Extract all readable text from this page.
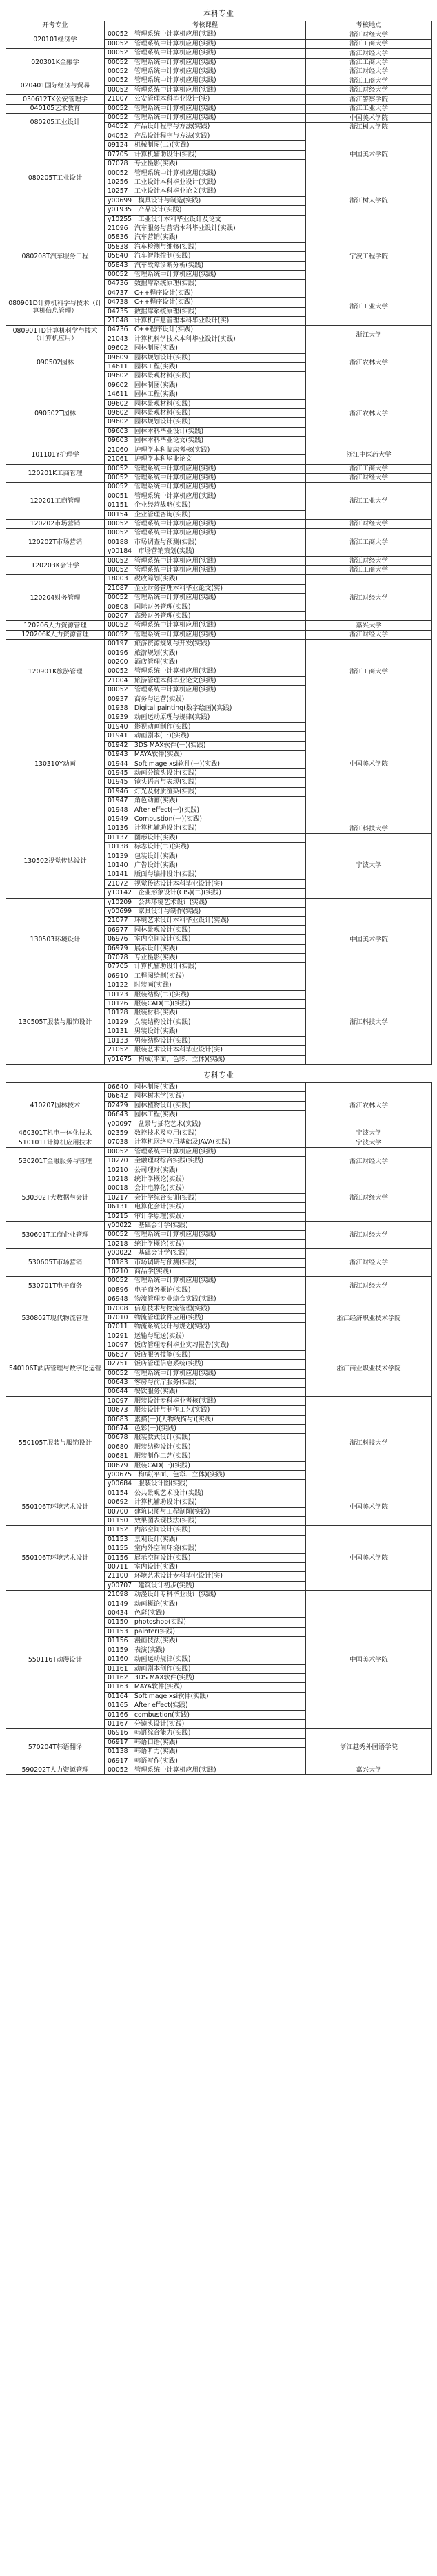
本科专业
开考专业	考核课程	考核地点
020101经济学	00052　管理系统中计算机应用(实践)	浙江财经大学
	00052　管理系统中计算机应用(实践)	浙江工商大学
020301K金融学	00052　管理系统中计算机应用(实践)	浙江财经大学
	00052　管理系统中计算机应用(实践)	浙江工商大学
	00052　管理系统中计算机应用(实践)	浙江财经大学
020401国际经济与贸易	00052　管理系统中计算机应用(实践)	浙江工商大学
	00052　管理系统中计算机应用(实践)	浙江财经大学
030612TK公安管理学	21007　公安管理本科毕业设计(实)	浙江警察学院
040105艺术教育	00052　管理系统中计算机应用(实践)	浙江工业大学
080205工业设计	00052　管理系统中计算机应用(实践)	中国美术学院
	04052　产品设计程序与方法(实践)	浙江树人学院
080205T工业设计	04052　产品设计程序与方法(实践)	中国美术学院
	09124　机械制图(二)(实践)	
	07705　计算机辅助设计(实践)	
	07078　专业摄影(实践)	
	00052　管理系统中计算机应用(实践)	
	10256　工业设计本科毕业设计(实践)	浙江树人学院
	10257　工业设计本科毕业论文(实践)	
	y00699　模具设计与制造(实践)	
	y01935　产品设计(实践)	
	y10255　工业设计本科毕业设计及论文	
080208T汽车服务工程	21096　汽车服务与营销本科毕业设计(实践)	宁波工程学院
	05836　汽车营销(实践)	
	05838　汽车检测与维修(实践)	
	05840　汽车智能控制(实践)	
	05843　汽车故障诊断分析(实践)	
	00052　管理系统中计算机应用(实践)	
	04736　数据库系统原理(实践)	
080901D计算机科学与技术（计算机信息管理）	04737　C++程序设计(实践)	浙江工业大学
	04738　C++程序设计(实践)	
	04735　数据库系统原理(实践)	
	21048　计算机信息管理本科毕业设计(实)	
080901TD计算机科学与技术（计算机应用）	04736　C++程序设计(实践)	浙江大学
	21043　计算机科学技术本科毕业设计(实践)	
090502园林	09602　园林制图(实践)	浙江农林大学
	09609　园林规划设计(实践)	
	14611　园林工程(实践)	
	09602　园林景观材料(实践)	
090502T园林	09602　园林制图(实践)	浙江农林大学
	14611　园林工程(实践)	
	09602　园林景观材料(实践)	
	09602　园林景观材料(实践)	
	09602　园林规划设计(实践)	
	09603　园林本科毕业设计(实践)	
	09603　园林本科毕业论文(实践)	
101101Y护理学	21060　护理学本科临床考核(实践)	浙江中医药大学
	21061　护理学本科毕业论文	
120201K工商管理	00052　管理系统中计算机应用(实践)	浙江工商大学
	00052　管理系统中计算机应用(实践)	浙江财经大学
120201工商管理	00052　管理系统中计算机应用(实践)	浙江工业大学
	00051　管理系统中计算机应用(实践)	
	01151　企业经营战略(实践)	
	00154　企业管理咨询(实践)	
120202市场营销	00052　管理系统中计算机应用(实践)	浙江财经大学
120202T市场营销	00052　管理系统中计算机应用(实践)	浙江工商大学
	00188　市场调查与预测(实践)	
	y00184　市场营销策划(实践)	
120203K会计学	00052　管理系统中计算机应用(实践)	浙江财经大学
	00052　管理系统中计算机应用(实践)	浙江工商大学
120204财务管理	18003　税收筹划(实践)	浙江财经大学
	21087　企业财务管理本科毕业论文(实)	
	00052　管理系统中计算机应用(实践)	
	00808　国际财务管理(实践)	
	00207　高级财务管理(实践)	
120206人力资源管理	00052　管理系统中计算机应用(实践)	嘉兴大学
120206K人力资源管理	00052　管理系统中计算机应用(实践)	浙江财经大学
120901K旅游管理	00197　旅游资源规划与开发(实践)	浙江工商大学
	00196　旅游规划(实践)	
	00200　酒店管理(实践)	
	00052　管理系统中计算机应用(实践)	
	21004　旅游管理本科毕业论文(实践)	
	00052　管理系统中计算机应用(实践)	
	00937　商务与运营(实践)	
130310Y动画	01938　Digital painting(数字绘画)(实践)	中国美术学院
	01939　动画运动原理与规律(实践)	
	01940　影视动画制作(实践)	
	01941　动画剧本(一)(实践)	
	01942　3DS MAX软件(一)(实践)	
	01943　MAYA软件(实践)	
	01944　Softimage xsi软件(一)(实践)	
	01945　动画分镜头设计(实践)	
	01945　镜头语言与表现(实践)	
	01946　灯光及材质渲染(实践)	
	01947　角色动画(实践)	
	01948　After effect(一)(实践)	
	01949　Combustion(一)(实践)	
130502视觉传达设计	10136　计算机辅助设计(实践)	浙江科技大学
	01137　图形设计(实践)	宁波大学
	10138　标志设计(二)(实践)	
	10139　包装设计(实践)	
	10140　广告设计(实践)	
	10141　版面与编排设计(实践)	
	21072　视觉传达设计本科毕业设计(实)	
	y10142　企业形象设计(CIS)(二)(实践)	
130503环境设计	y10209　公共环境艺术设计(实践)	中国美术学院
	y00699　家具设计与制作(实践)	
	21077　环境艺术设计本科毕业设计(实践)	
	06977　园林景观设计(实践)	
	06976　室内空间设计(实践)	
	06979　展示设计(实践)	
	07078　专业摄影(实践)	
	07705　计算机辅助设计(实践)	
	06910　工程图绘制(实践)	
130505T服装与服饰设计	10122　时装画(实践)	浙江科技大学
	10123　服装结构(二)(实践)	
	10126　服装CAD(二)(实践)	
	10128　服装材料(实践)	
	10129　女装结构设计(实践)	
	10131　男装设计(实践)	
	10133　男装结构设计(实践)	
	21052　服装艺术设计本科毕业设计(实)	
	y01675　构成(平面、色彩、立体)(实践)	
专科专业
410207园林技术	06640　园林制图(实践)	浙江农林大学
	06642　园林树木学(实践)	
	02429　园林植物设计(实践)	
	06643　园林工程(实践)	
	y00097　盆景与插花艺术(实践)	
460301T机电一体化技术	02359　数控技术及应用(实践)	宁波大学
510101T计算机应用技术	07038　计算机网络应用基础及JAVA(实践)	宁波大学
530201T金融服务与管理	00052　管理系统中计算机应用(实践)	浙江财经大学
	10270　金融理财综合实践(实践)	
	10210　公司理财(实践)	
530302T大数据与会计	10218　统计学概论(实践)	浙江财经大学
	00018　会计电算化(实践)	
	10217　会计学综合实训(实践)	
	06131　电算化会计(实践)	
	10215　审计学原理(实践)	
530601T工商企业管理	y00022　基础会计学(实践)	浙江财经大学
	00052　管理系统中计算机应用(实践)	
	10218　统计学概论(实践)	
530605T市场营销	y00022　基础会计学(实践)	浙江财经大学
	10183　市场调研与预测(实践)	
	10210　商品学(实践)	
530701T电子商务	00052　管理系统中计算机应用(实践)	浙江财经大学
	00896　电子商务概论(实践)	
530802T现代物流管理	06948　物流管理专业综合实践(实践)	浙江经济职业技术学院
	07008　信息技术与物流管理(实践)	
	07010　物流管理软件应用(实践)	
	07011　物流系统设计与规划(实践)	
	10291　运输与配送(实践)	
540106T酒店管理与数字化运营	10097　饭店管理专科毕业实习报告(实践)	浙江商业职业技术学院
	06637　饭店服务技能(实践)	
	02751　饭店管理信息系统(实践)	
	00052　管理系统中计算机应用(实践)	
	00643　客房与前厅服务(实践)	
	00644　餐饮服务(实践)	
550105T服装与服饰设计	10097　服装设计专科毕业考核(实践)	浙江科技大学
	00673　服装设计与制作工艺(实践)	
	00683　素描(一)(人物线描与)(实践)	
	00674　色彩(一)(实践)	
	00678　服装款式设计(实践)	
	00680　服装结构设计(实践)	
	00681　服装制作工艺(实践)	
	00679　服装CAD(一)(实践)	
	y00675　构成(平面、色彩、立体)(实践)	
	y00684　服装设计图(实践)	
550106T环境艺术设计	01154　公共景观艺术设计(实践)	中国美术学院
	00692　计算机辅助设计(实践)	
	00700　建筑识图与工程制图(实践)	
	01150　效果图表现技法(实践)	
550106T环境艺术设计	01152　内部空间设计(实践)	中国美术学院
	01153　景观设计(实践)	
	01155　室内外空间环境(实践)	
	01156　展示空间设计(实践)	
	00711　室内设计(实践)	
	21100　环境艺术设计专科毕业设计(实)	
	y00707　建筑设计初步(实践)	
550116T动漫设计	21098　动漫设计专科毕业设计(实践)	中国美术学院
	01149　动画概论(实践)	
	00434　色彩(实践)	
	01150　photoshop(实践)	
	01153　painter(实践)	
	01156　漫画技法(实践)	
	01159　表演(实践)	
	01160　动画运动规律(实践)	
	01161　动画剧本创作(实践)	
	01162　3DS MAX软件(实践)	
	01163　MAYA软件(实践)	
	01164　Softimage xsi软件(实践)	
	01165　After effect(实践)	
	01166　combustion(实践)	
	01167　分镜头设计(实践)	
570204T韩语翻译	06916　韩语综合能力(实践)	浙江越秀外国语学院
	06917　韩语口语(实践)	
	01138　韩语听力(实践)	
	06917　韩语写作(实践)	
590202T人力资源管理	00052　管理系统中计算机应用(实践)	嘉兴大学
